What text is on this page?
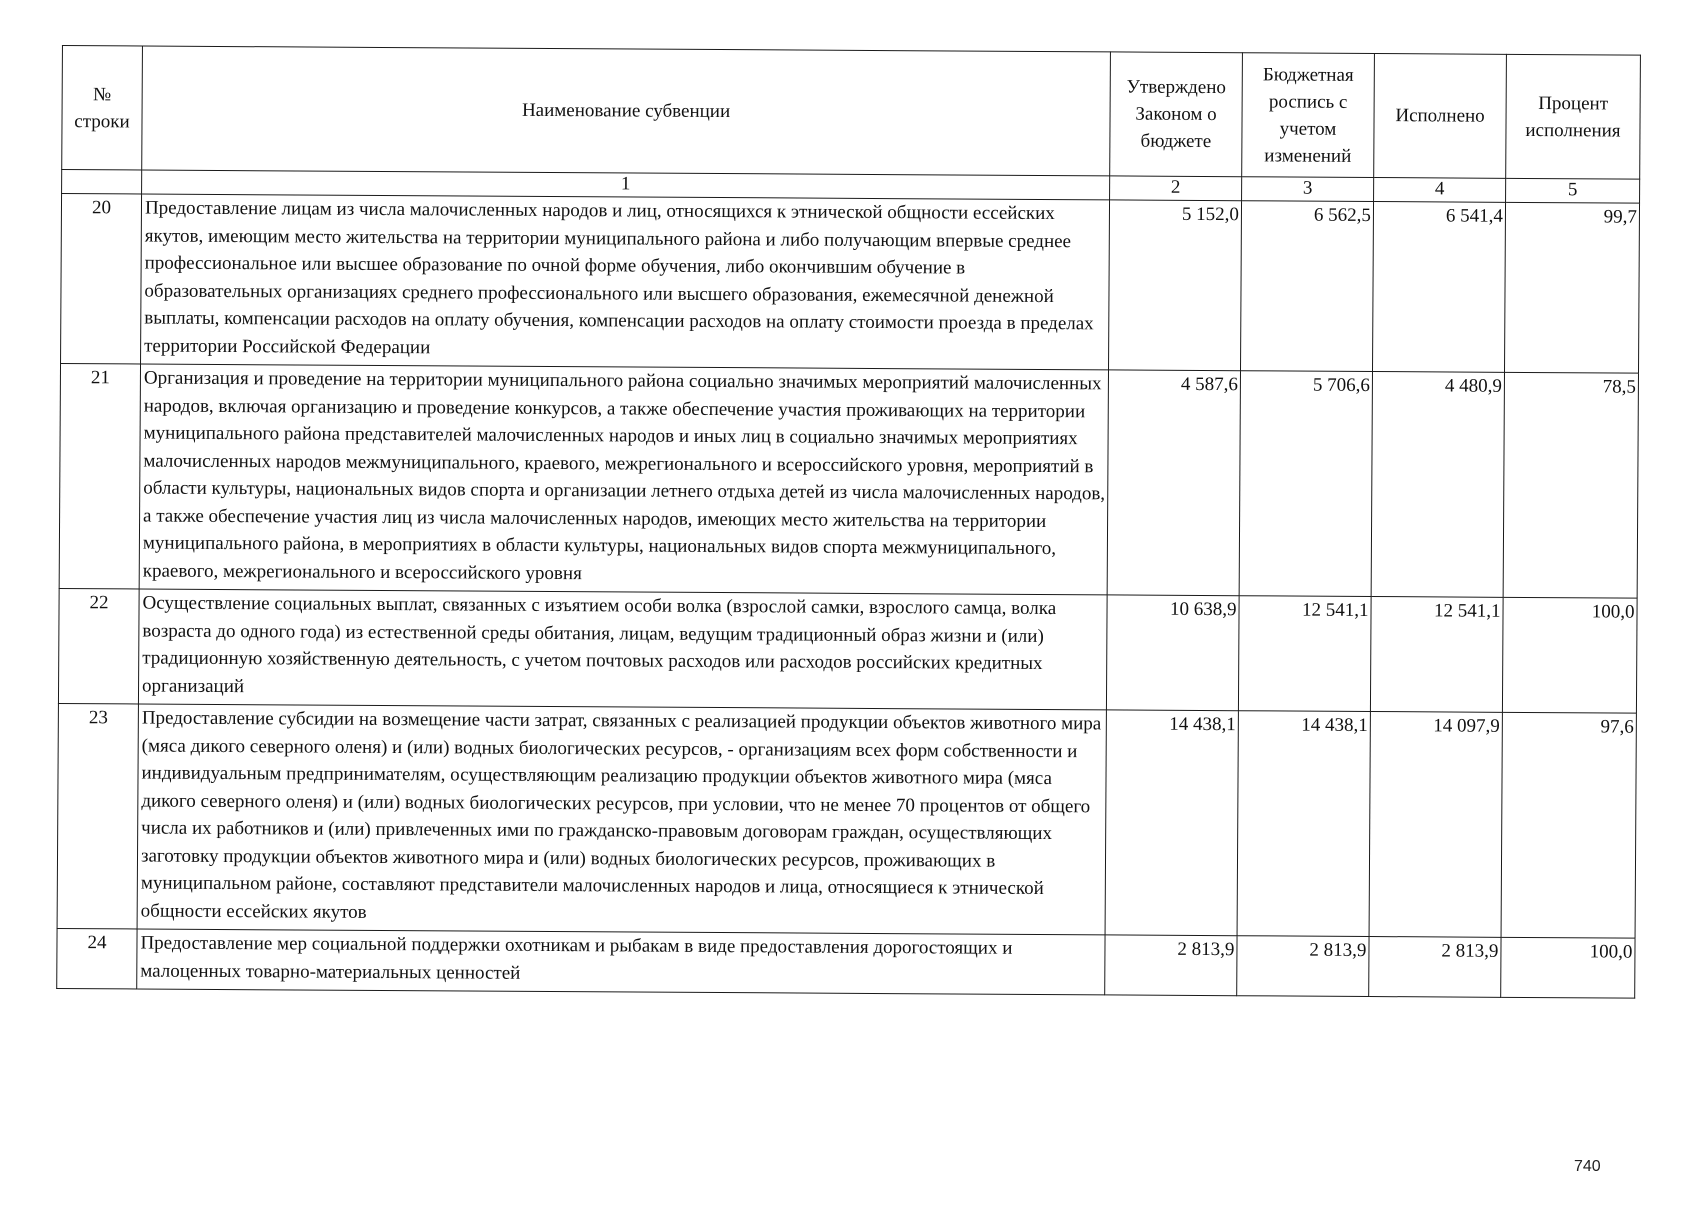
№ строки	Наименование субвенции	Утверждено Законом о бюджете	Бюджетная роспись с учетом изменений	Исполнено	Процент исполнения
	1	2	3	4	5
20	Предоставление лицам из числа малочисленных народов и лиц, относящихся к этнической общности ессейских якутов, имеющим место жительства на территории муниципального района и либо получающим впервые среднее профессиональное или высшее образование по очной форме обучения, либо окончившим обучение в образовательных организациях среднего профессионального или высшего образования, ежемесячной денежной выплаты, компенсации расходов на оплату обучения, компенсации расходов на оплату стоимости проезда в пределах территории Российской Федерации	5 152,0	6 562,5	6 541,4	99,7
21	Организация и проведение на территории муниципального района социально значимых мероприятий малочисленных народов, включая организацию и проведение конкурсов, а также обеспечение участия проживающих на территории муниципального района представителей малочисленных народов и иных лиц в социально значимых мероприятиях малочисленных народов межмуниципального, краевого, межрегионального и всероссийского уровня, мероприятий в области культуры, национальных видов спорта и организации летнего отдыха детей из числа малочисленных народов, а также обеспечение участия лиц из числа малочисленных народов, имеющих место жительства на территории муниципального района, в мероприятиях в области культуры, национальных видов спорта межмуниципального, краевого, межрегионального и всероссийского уровня	4 587,6	5 706,6	4 480,9	78,5
22	Осуществление социальных выплат, связанных с изъятием особи волка (взрослой самки, взрослого самца, волка возраста до одного года) из естественной среды обитания, лицам, ведущим традиционный образ жизни и (или) традиционную хозяйственную деятельность, с учетом почтовых расходов или расходов российских кредитных организаций	10 638,9	12 541,1	12 541,1	100,0
23	Предоставление субсидии на возмещение части затрат, связанных с реализацией продукции объектов животного мира (мяса дикого северного оленя) и (или) водных биологических ресурсов, - организациям всех форм собственности и индивидуальным предпринимателям, осуществляющим реализацию продукции объектов животного мира (мяса дикого северного оленя) и (или) водных биологических ресурсов, при условии, что не менее 70 процентов от общего числа их работников и (или) привлеченных ими по гражданско-правовым договорам граждан, осуществляющих заготовку продукции объектов животного мира и (или) водных биологических ресурсов, проживающих в муниципальном районе, составляют представители малочисленных народов и лица, относящиеся к этнической общности ессейских якутов	14 438,1	14 438,1	14 097,9	97,6
24	Предоставление мер социальной поддержки охотникам и рыбакам в виде предоставления дорогостоящих и малоценных товарно-материальных ценностей	2 813,9	2 813,9	2 813,9	100,0
740
